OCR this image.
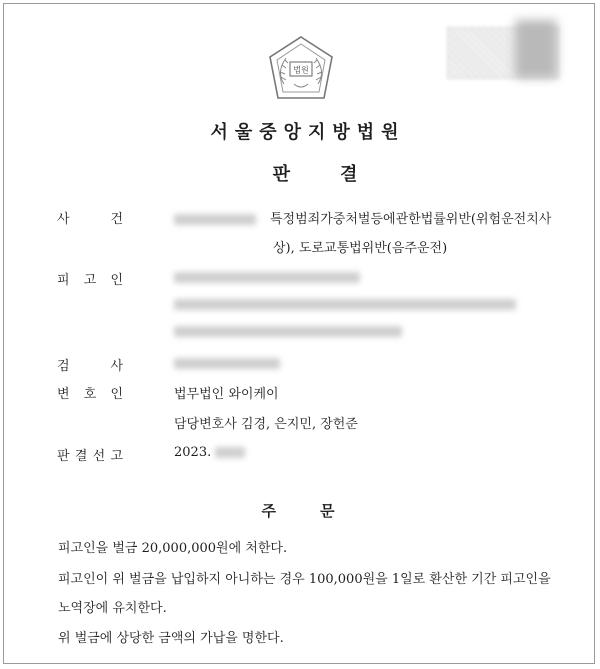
법원
서울중앙지방법원
판결
사	건	특정범죄가중처벌등에관한법률위반(위험운전치사
상), 도로교통법위반(음주운전)
피 고 인
검	사
변 호 인	법무법인 와이케이
담당변호사 김경, 은지민, 장헌준
판 결 선 고	2023.
주문
피고인을 벌금 20,000,000원에 처한다.
피고인이 위 벌금을 납입하지 아니하는 경우 100,000원을 1일로 환산한 기간 피고인을
노역장에 유치한다.
위 벌금에 상당한 금액의 가납을 명한다.
